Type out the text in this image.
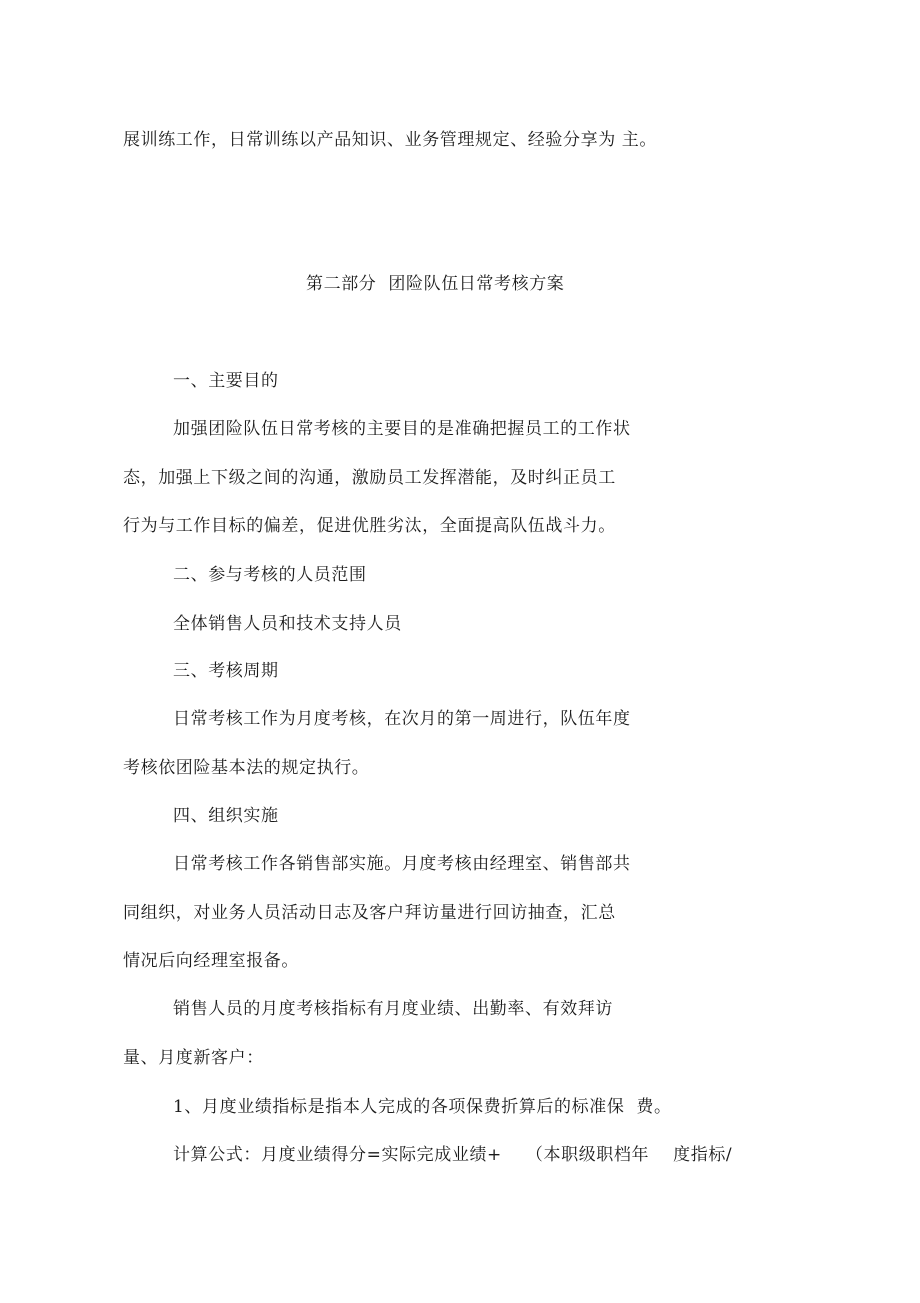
展训练工作，日常训练以产品知识、业务管理规定、经验分享为 主。
第二部分  团险队伍日常考核方案
一、主要目的
加强团险队伍日常考核的主要目的是准确把握员工的工作状
态，加强上下级之间的沟通，激励员工发挥潜能，及时纠正员工
行为与工作目标的偏差，促进优胜劣汰，全面提高队伍战斗力。
二、参与考核的人员范围
全体销售人员和技术支持人员
三、考核周期
日常考核工作为月度考核，在次月的第一周进行，队伍年度
考核依团险基本法的规定执行。
四、组织实施
日常考核工作各销售部实施。月度考核由经理室、销售部共
同组织，对业务人员活动日志及客户拜访量进行回访抽查，汇总
情况后向经理室报备。
销售人员的月度考核指标有月度业绩、出勤率、有效拜访
量、月度新客户：
1、月度业绩指标是指本人完成的各项保费折算后的标准保  费。
计算公式：月度业绩得分=实际完成业绩+    （本职级职档年    度指标/
